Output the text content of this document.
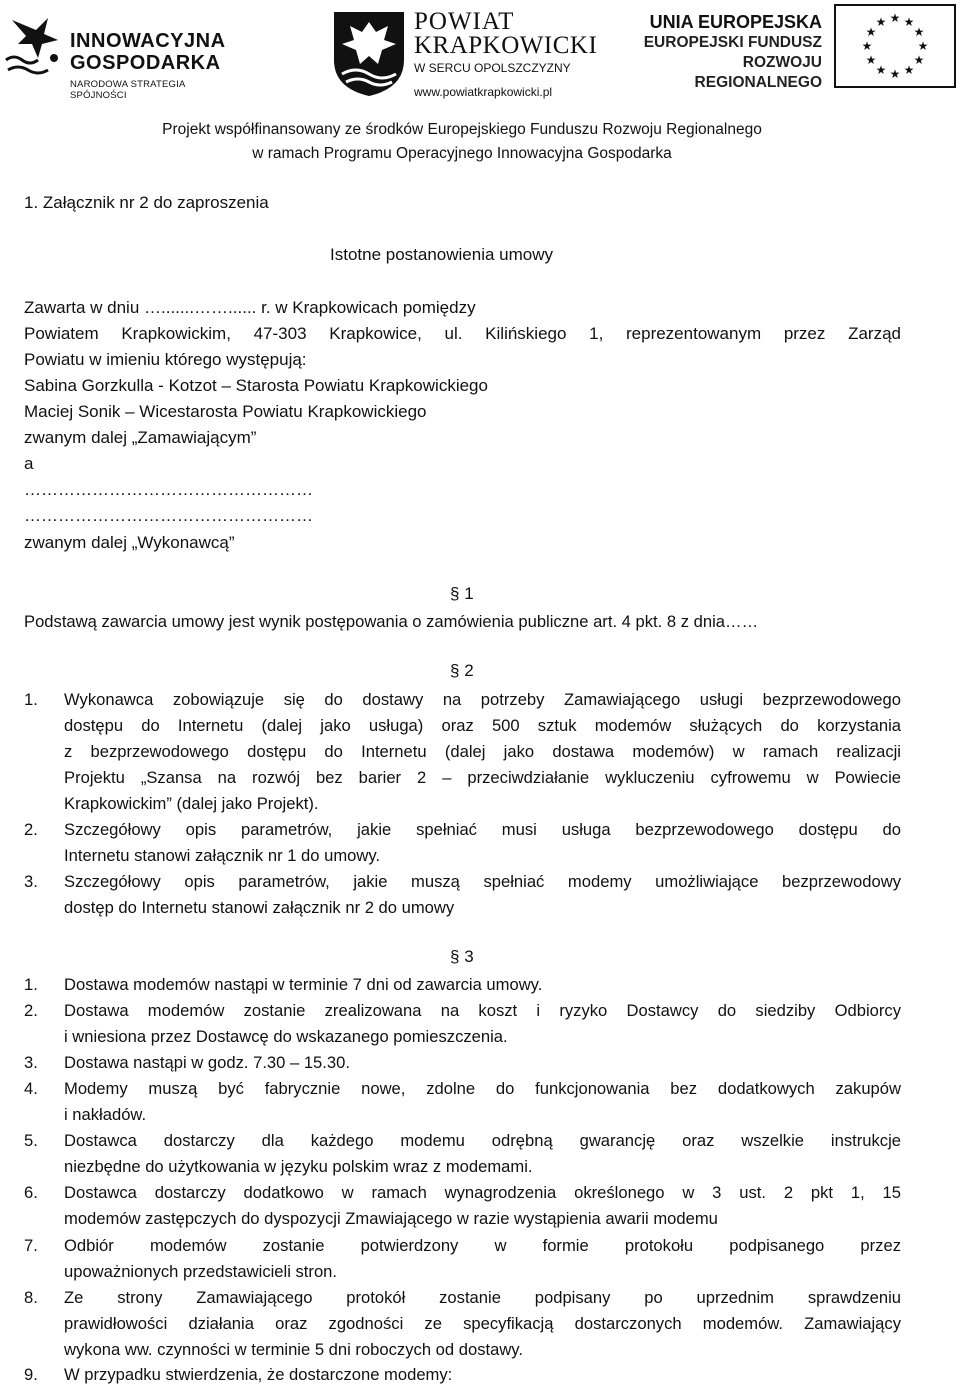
INNOWACYJNA
GOSPODARKA
NARODOWA STRATEGIA SPÓJNOŚCI
POWIAT
KRAPKOWICKI
W SERCU OPOLSZCZYZNY
www.powiatkrapkowicki.pl
UNIA EUROPEJSKA
EUROPEJSKI FUNDUSZ
ROZWOJU REGIONALNEGO
★ ★
★
★
★
★
★
★
★
★
★
★
Projekt współfinansowany ze środków Europejskiego Funduszu Rozwoju Regionalnego
w ramach Programu Operacyjnego Innowacyjna Gospodarka
1. Załącznik nr 2 do zaproszenia
Istotne postanowienia umowy
Zawarta w dniu ….......……...... r. w Krapkowicach pomiędzy
Powiatem Krapkowickim, 47-303 Krapkowice, ul. Kilińskiego 1, reprezentowanym przez Zarząd
Powiatu w imieniu którego występują:
Sabina Gorzkulla - Kotzot – Starosta Powiatu Krapkowickiego
Maciej Sonik – Wicestarosta Powiatu Krapkowickiego
zwanym dalej „Zamawiającym”
a
……………………………………………
……………………………………………
zwanym dalej „Wykonawcą”
§ 1
Podstawą zawarcia umowy jest wynik postępowania o zamówienia publiczne art. 4 pkt. 8 z dnia……
§ 2
1. Wykonawca zobowiązuje się do dostawy na potrzeby Zamawiającego usługi bezprzewodowego
dostępu do Internetu (dalej jako usługa) oraz 500 sztuk modemów służących do korzystania
z bezprzewodowego dostępu do Internetu (dalej jako dostawa modemów) w ramach realizacji
Projektu „Szansa na rozwój bez barier 2 – przeciwdziałanie wykluczeniu cyfrowemu w Powiecie
Krapkowickim” (dalej jako Projekt).
2. Szczegółowy opis parametrów, jakie spełniać musi usługa bezprzewodowego dostępu do
Internetu stanowi załącznik nr 1 do umowy.
3. Szczegółowy opis parametrów, jakie muszą spełniać modemy umożliwiające bezprzewodowy
dostęp do Internetu stanowi załącznik nr 2 do umowy
§ 3
1. Dostawa modemów nastąpi w terminie 7 dni od zawarcia umowy.
2. Dostawa modemów zostanie zrealizowana na koszt i ryzyko Dostawcy do siedziby Odbiorcy
i wniesiona przez Dostawcę do wskazanego pomieszczenia.
3. Dostawa nastąpi w godz. 7.30 – 15.30.
4. Modemy muszą być fabrycznie nowe, zdolne do funkcjonowania bez dodatkowych zakupów
i nakładów.
5. Dostawca dostarczy dla każdego modemu odrębną gwarancję oraz wszelkie instrukcje
niezbędne do użytkowania w języku polskim wraz z modemami.
6. Dostawca dostarczy dodatkowo w ramach wynagrodzenia określonego w 3 ust. 2 pkt 1, 15
modemów zastępczych do dyspozycji Zmawiającego w razie wystąpienia awarii modemu
7. Odbiór modemów zostanie potwierdzony w formie protokołu podpisanego przez
upoważnionych przedstawicieli stron.
8. Ze strony Zamawiającego protokół zostanie podpisany po uprzednim sprawdzeniu
prawidłowości działania oraz zgodności ze specyfikacją dostarczonych modemów. Zamawiający
wykona ww. czynności w terminie 5 dni roboczych od dostawy.
9. W przypadku stwierdzenia, że dostarczone modemy:
